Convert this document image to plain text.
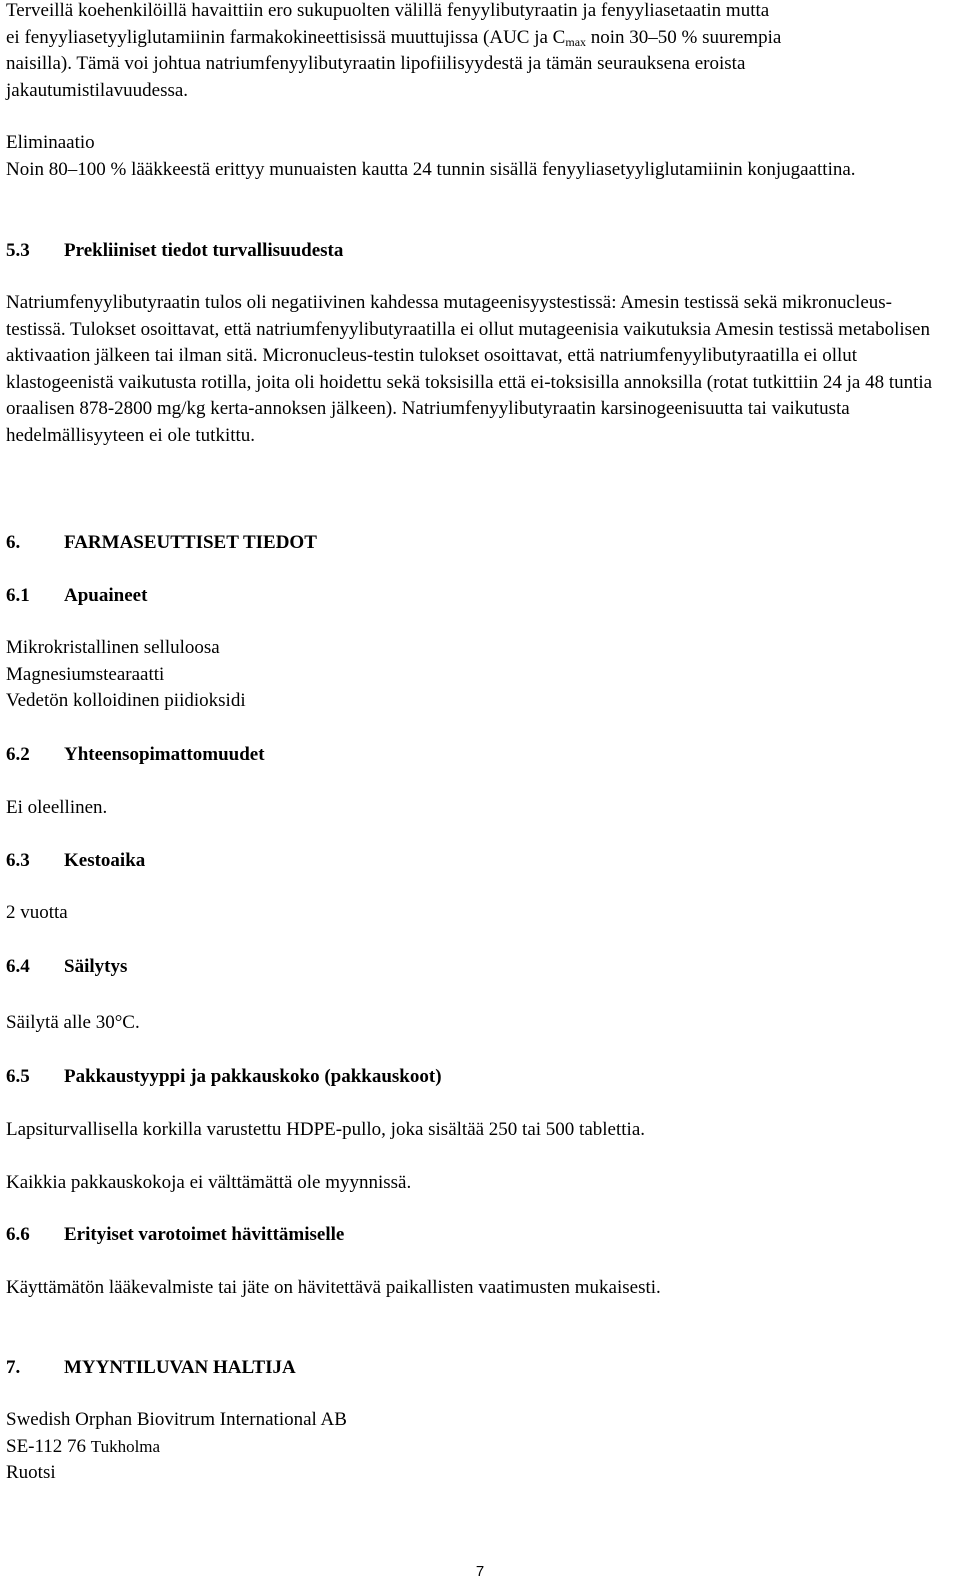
Terveillä koehenkilöillä havaittiin ero sukupuolten välillä fenyylibutyraatin ja fenyyliasetaatin mutta

ei fenyyliasetyyliglutamiinin farmakokineettisissä muuttujissa (AUC ja $C_{max}$ noin 30–50 % suurempia

naisilla). Tämä voi johtua natriumfenyylibutyraatin lipofiilisyydestä ja tämän seurauksena eroista

jakautumistilavuudessa.

Eliminaatio

Noin 80–100 % lääkkeestä erittyy munuaisten kautta 24 tunnin sisällä fenyyliasetyyliglutamiinin konjugaattina.

5.3 Prekliiniset tiedot turvallisuudesta

Natriumfenyylibutyraatin tulos oli negatiivinen kahdessa mutageenisyystestissä: Amesin testissä sekä mikronucleus-testissä. Tulokset osoittavat, että natriumfenyylibutyraatilla ei ollut mutageenisia vaikutuksia Amesin testissä metabolisen aktivaation jälkeen tai ilman sitä. Micronucleus-testin tulokset osoittavat, että natriumfenyylibutyraatilla ei ollut klastogeenistä vaikutusta rotilla, joita oli hoidettu sekä toksisilla että ei-toksisilla annoksilla (rotat tutkittiin 24 ja 48 tuntia oraalisen 878-2800 mg/kg kerta-annoksen jälkeen). Natriumfenyylibutyraatin karsinogeenisuutta tai vaikutusta hedelmällisyyteen ei ole tutkittu.

6. FARMASEUTTISET TIEDOT

6.1 Apuaineet

Mikrokristallinen selluloosa

Magnesiumstearaatti

Vedetön kolloidinen piidioksidi

6.2 Yhteensopimattomuudet

Ei oleellinen.

6.3 Kestoaika

2 vuotta

6.4 Säilytys

Säilytä alle 30°C.

6.5 Pakkaustyyppi ja pakkauskoko (pakkauskoot)

Lapsiturvallisella korkilla varustettu HDPE-pullo, joka sisältää 250 tai 500 tablettia.

Kaikkia pakkauskokoja ei välttämättä ole myynnissä.

6.6 Erityiset varotoimet hävittämiselle

Käyttämätön lääkevalmiste tai jäte on hävitettävä paikallisten vaatimusten mukaisesti.

7. MYYNTILUVAN HALTIJA

Swedish Orphan Biovitrum International AB

SE-112 76 Tukholma

Ruotsi

7
